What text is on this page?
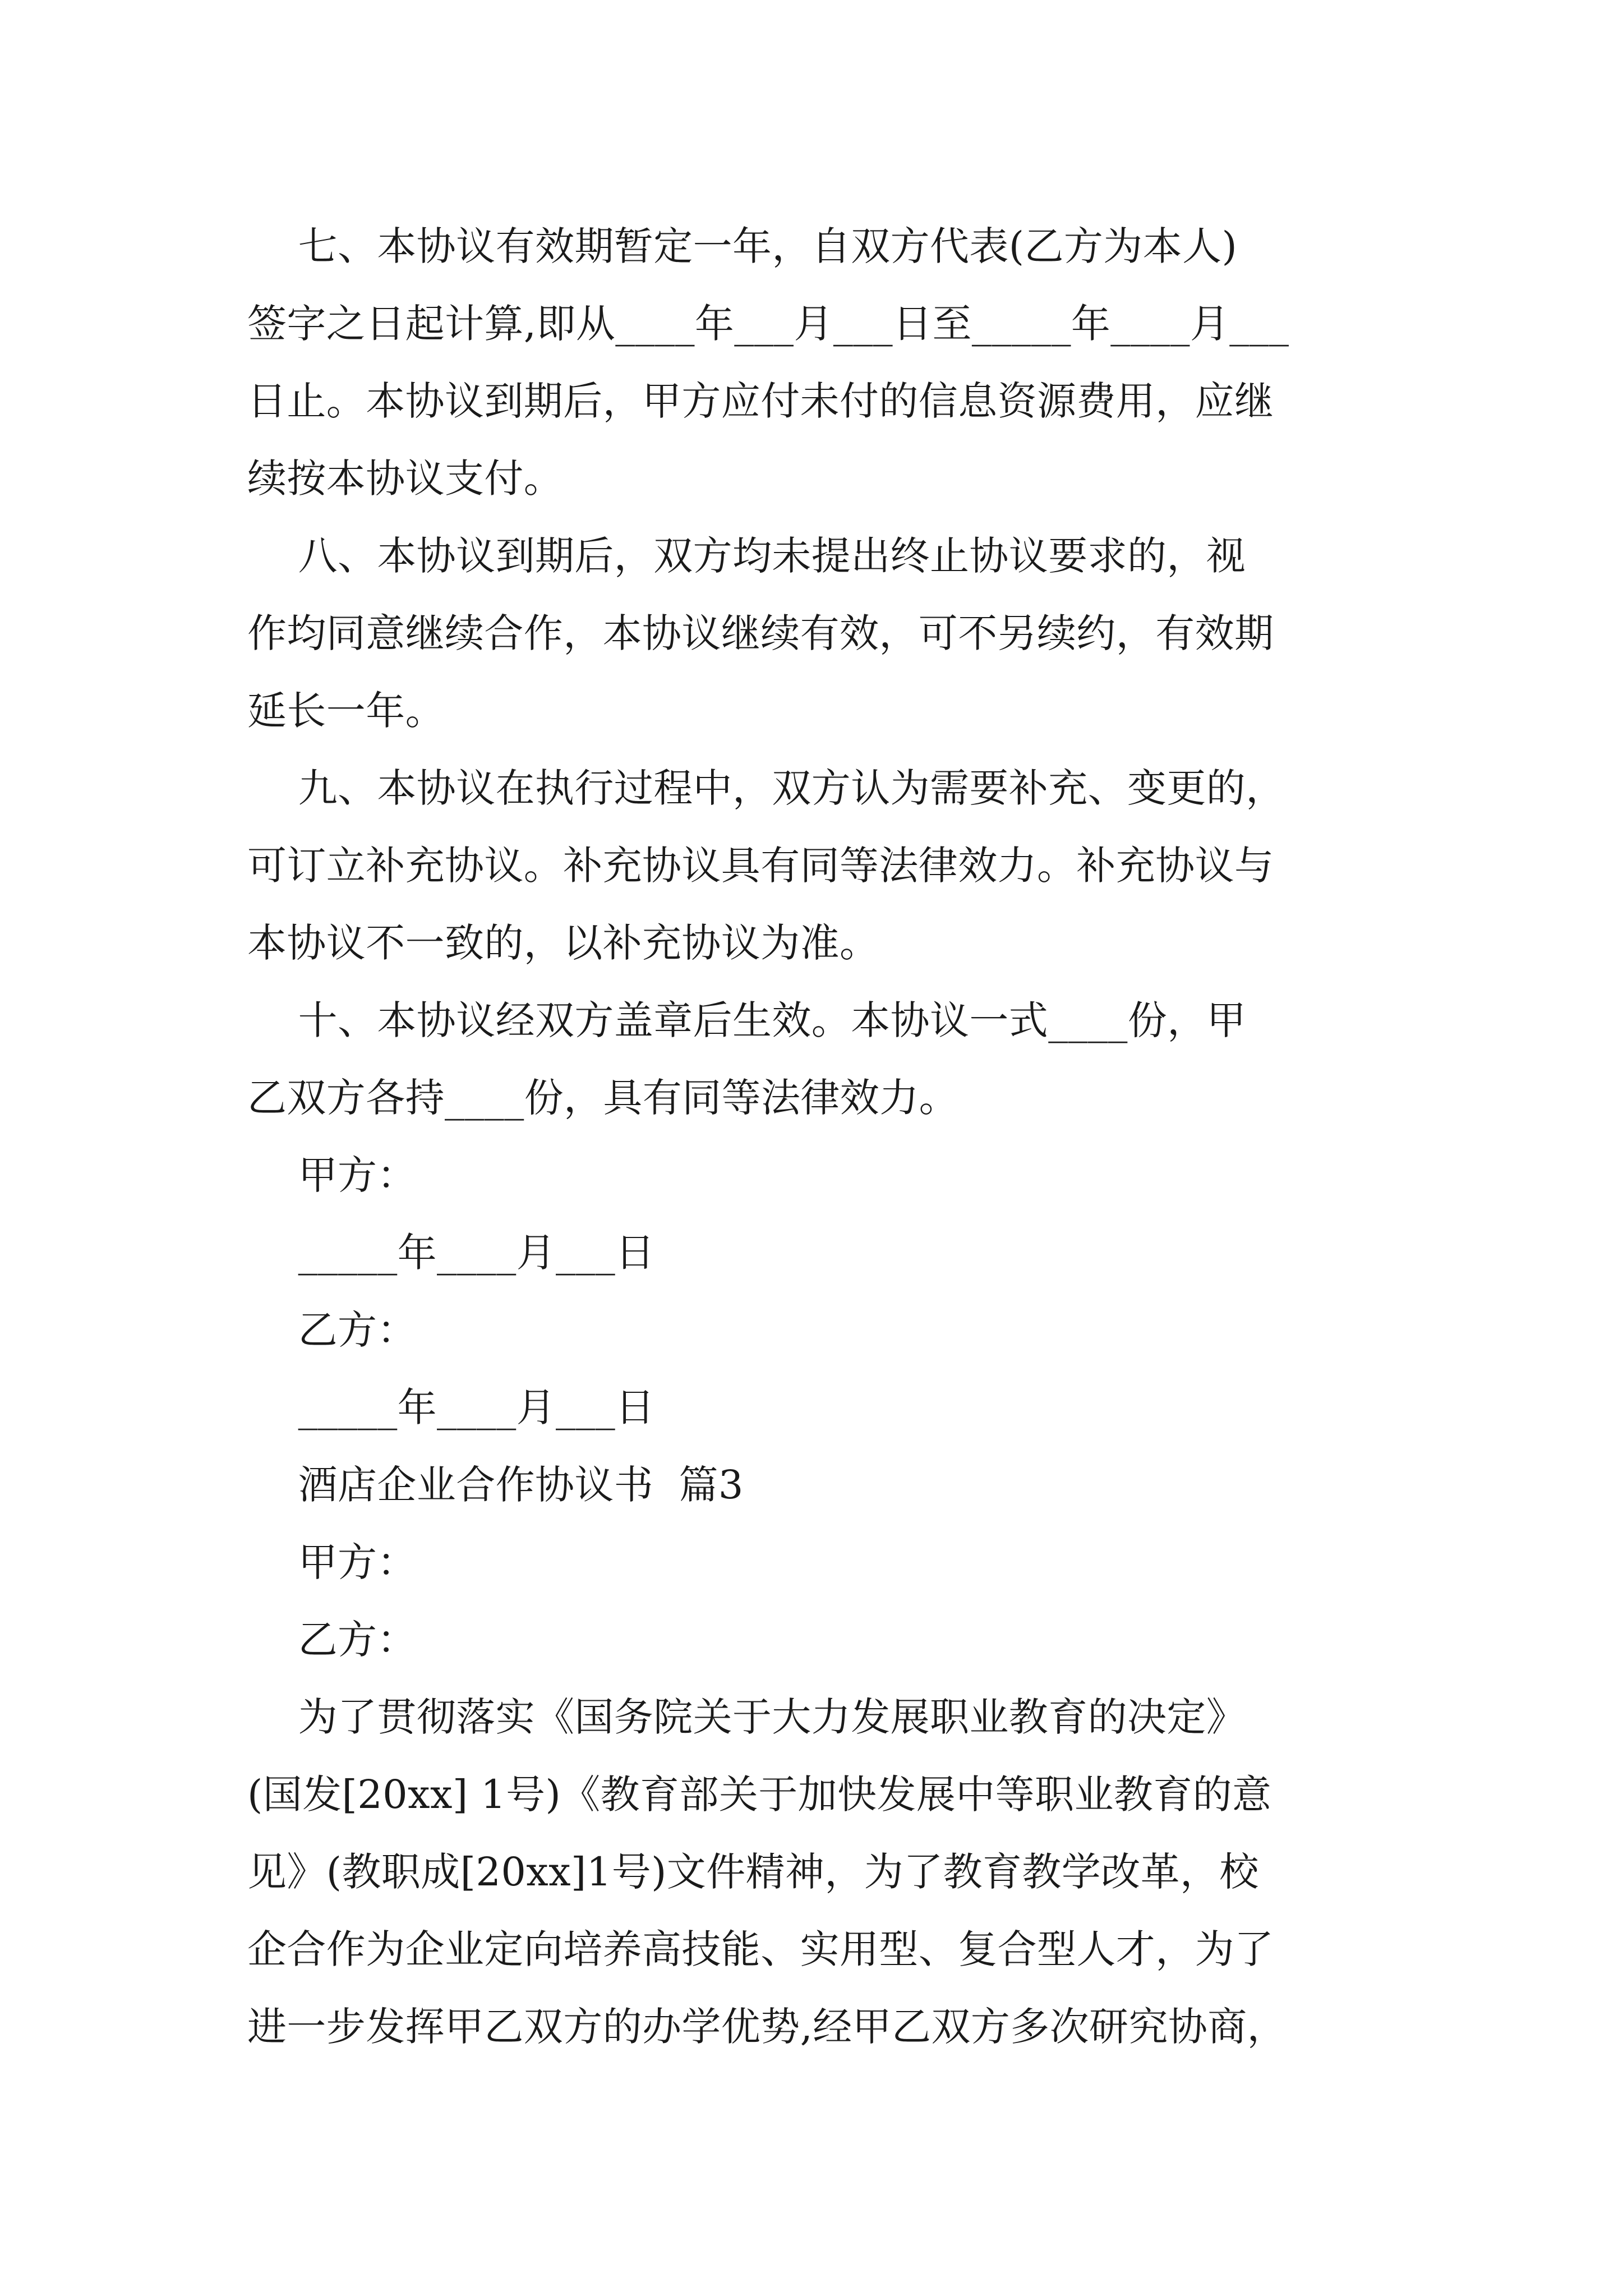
七、本协议有效期暂定一年，自双方代表(乙方为本人)
签字之日起计算,即从____年___月___日至_____年____月___
日止。本协议到期后，甲方应付未付的信息资源费用，应继
续按本协议支付。
八、本协议到期后，双方均未提出终止协议要求的，视
作均同意继续合作，本协议继续有效，可不另续约，有效期
延长一年。
九、本协议在执行过程中，双方认为需要补充、变更的，
可订立补充协议。补充协议具有同等法律效力。补充协议与
本协议不一致的，以补充协议为准。
十、本协议经双方盖章后生效。本协议一式____份，甲
乙双方各持____份，具有同等法律效力。
甲方：
_____年____月___日
乙方：
_____年____月___日
酒店企业合作协议书  篇3
甲方：
乙方：
为了贯彻落实《国务院关于大力发展职业教育的决定》
(国发[20xx] 1号)《教育部关于加快发展中等职业教育的意
见》(教职成[20xx]1号)文件精神，为了教育教学改革，校
企合作为企业定向培养高技能、实用型、复合型人才，为了
进一步发挥甲乙双方的办学优势,经甲乙双方多次研究协商，
